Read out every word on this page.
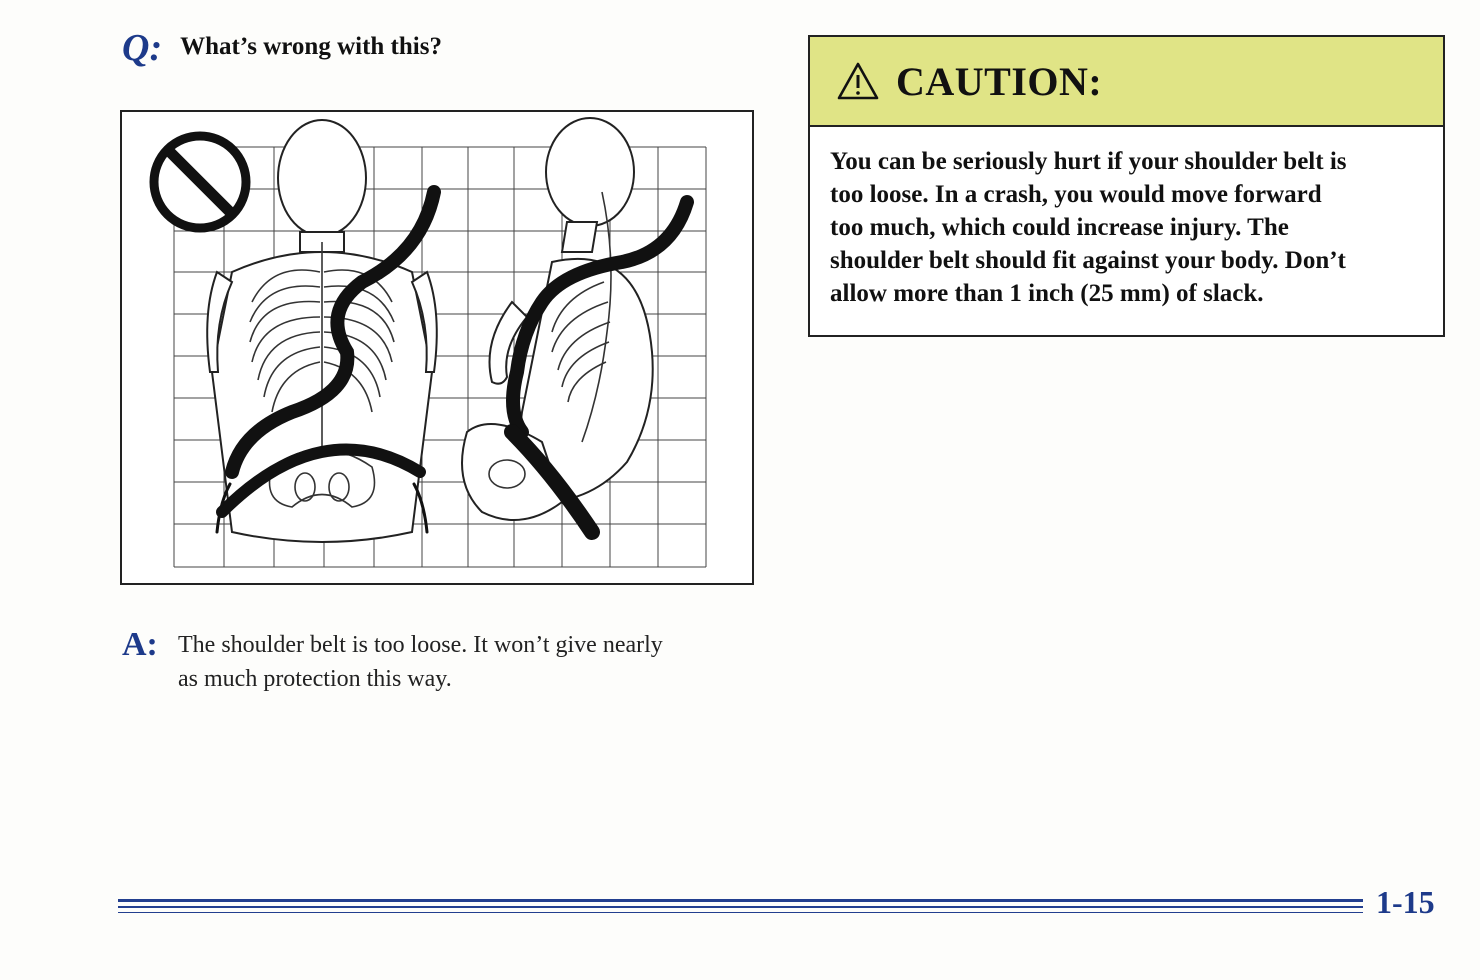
Q: What’s wrong with this?
A: The shoulder belt is too loose. It won’t give nearly
as much protection this way.
CAUTION:
You can be seriously hurt if your shoulder belt is
too loose. In a crash, you would move forward
too much, which could increase injury. The
shoulder belt should fit against your body. Don’t
allow more than 1 inch (25 mm) of slack.
1-15
